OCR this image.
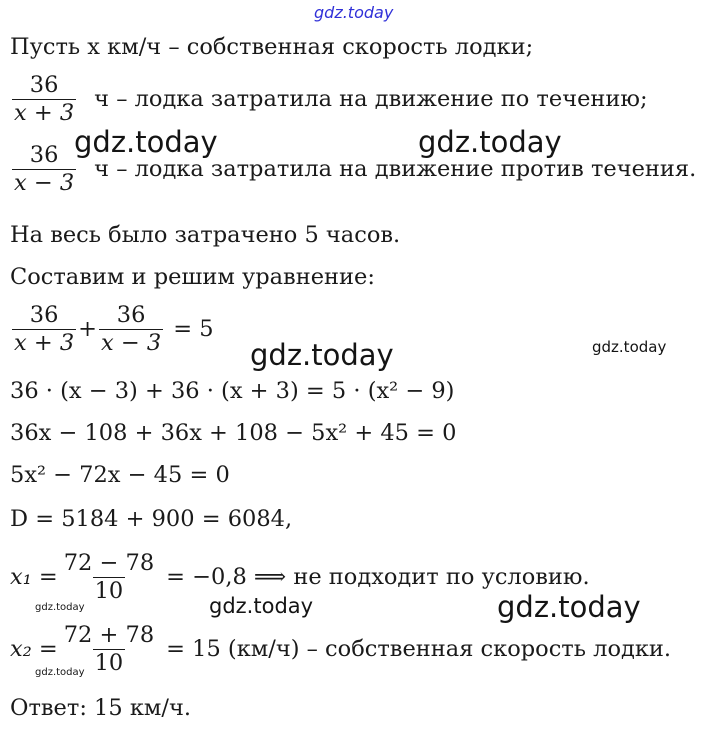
gdz.today
Пусть x км/ч – собственная скорость лодки;
$\frac{36}{x + 3}$ ч – лодка затратила на движение по течению;
$\frac{36}{x - 3}$ ч – лодка затратила на движение против течения.
На весь было затрачено 5 часов.
Составим и решим уравнение:
$\frac{36}{x + 3} + \frac{36}{x - 3} = 5$
36 · (x − 3) + 36 · (x + 3) = 5 · (x² − 9)
36x − 108 + 36x + 108 − 5x² + 45 = 0
5x² − 72x − 45 = 0
D = 5184 + 900 = 6084,
$x_1 = \frac{72 - 78}{10} = -0,8$ ⟹ не подходит по условию.
$x_2 = \frac{72 + 78}{10} = 15$ (км/ч) – собственная скорость лодки.
Ответ: 15 км/ч.
gdz.today	gdz.today
gdz.today	gdz.today
gdz.today
gdz.today
gdz.today
gdz.today
